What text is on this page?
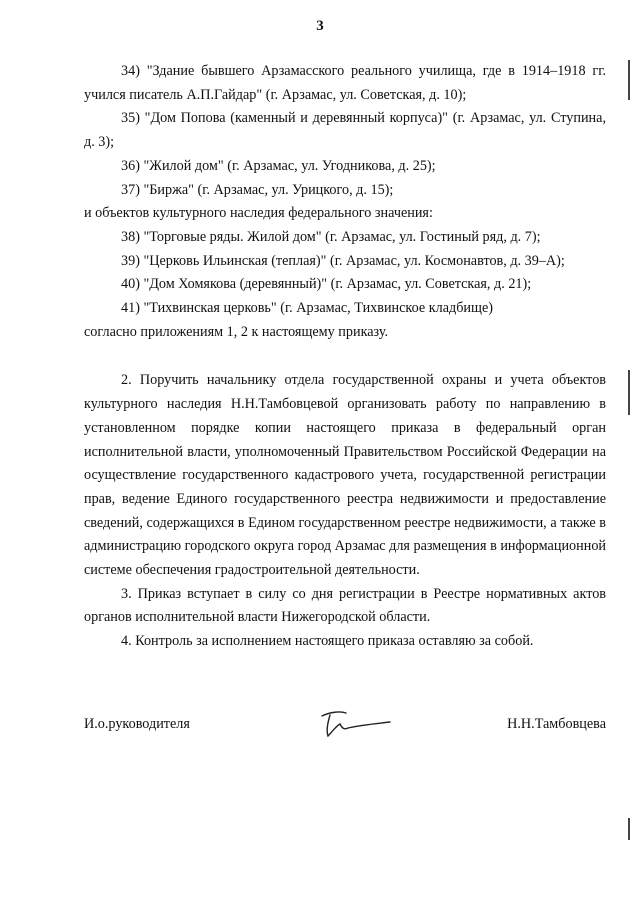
3

34) "Здание бывшего Арзамасского реального училища, где в 1914–1918 гг. учился писатель А.П.Гайдар" (г. Арзамас, ул. Советская, д. 10);

35) "Дом Попова (каменный и деревянный корпуса)" (г. Арзамас, ул. Ступина, д. 3);

36) "Жилой дом" (г. Арзамас, ул. Угодникова, д. 25);

37) "Биржа" (г. Арзамас, ул. Урицкого, д. 15);

и объектов культурного наследия федерального значения:

38) "Торговые ряды. Жилой дом" (г. Арзамас, ул. Гостиный ряд, д. 7);

39) "Церковь Ильинская (теплая)" (г. Арзамас, ул. Космонавтов, д. 39–А);

40) "Дом Хомякова (деревянный)" (г. Арзамас, ул. Советская, д. 21);

41) "Тихвинская церковь" (г. Арзамас, Тихвинское кладбище)

согласно приложениям 1, 2 к настоящему приказу.

2. Поручить начальнику отдела государственной охраны и учета объектов культурного наследия Н.Н.Тамбовцевой организовать работу по направлению в установленном порядке копии настоящего приказа в федеральный орган исполнительной власти, уполномоченный Правительством Российской Федерации на осуществление государственного кадастрового учета, государственной регистрации прав, ведение Единого государственного реестра недвижимости и предоставление сведений, содержащихся в Едином государственном реестре недвижимости, а также в администрацию городского округа город Арзамас для размещения в информационной системе обеспечения градостроительной деятельности.

3. Приказ вступает в силу со дня регистрации в Реестре нормативных актов органов исполнительной власти Нижегородской области.

4. Контроль за исполнением настоящего приказа оставляю за собой.

И.о.руководителя	Н.Н.Тамбовцева
